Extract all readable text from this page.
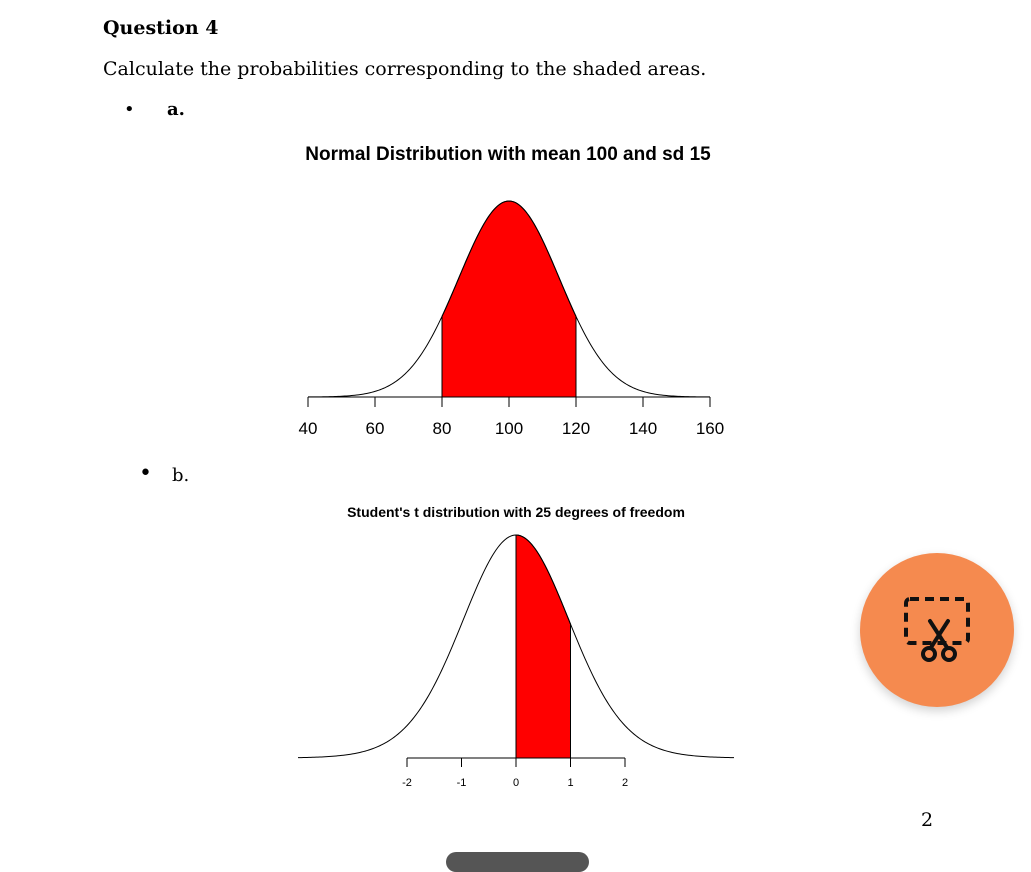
Question 4
Calculate the probabilities corresponding to the shaded areas.
• a.
Normal Distribution with mean 100 and sd 15
40	60	80	100 120 140 160
• b.
Student's t distribution with 25 degrees of freedom
-2	-1	0	1	2
2
